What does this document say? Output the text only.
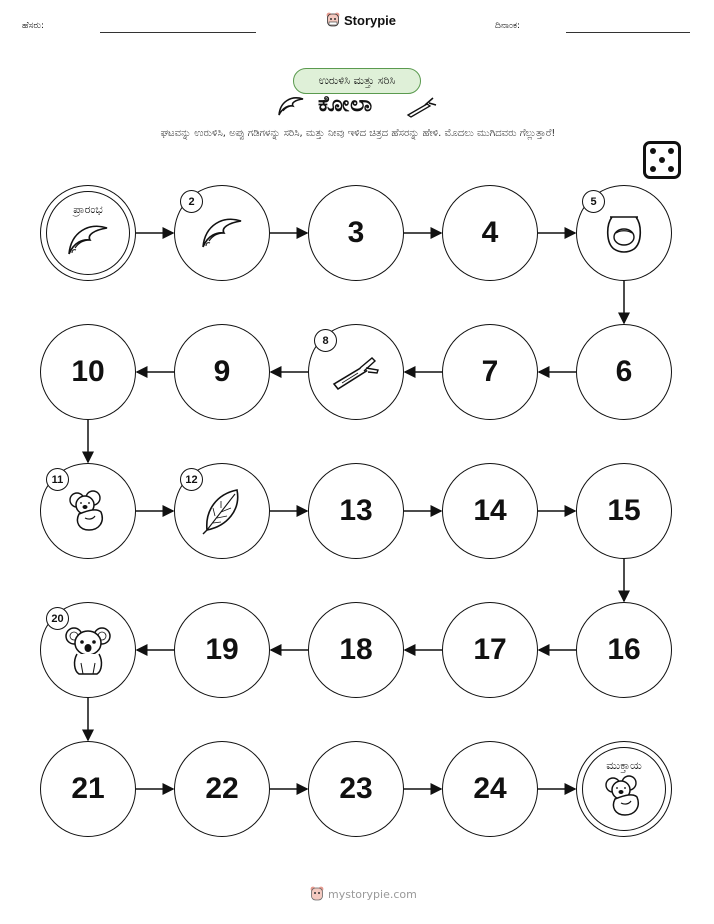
ಹೆಸರು:	Storypie	ದಿನಾಂಕ:
ಉರುಳಿಸಿ ಮತ್ತು ಸರಿಸಿ
ಕೋಲಾ
ಘಟವನ್ನು ಉರುಳಿಸಿ, ಅಪ್ಪು ಗಡಿಗಳನ್ನು ಸರಿಸಿ, ಮತ್ತು ನೀವು ಇಳಿದ ಚಿತ್ರದ ಹೆಸರನ್ನು ಹೇಳಿ. ಮೊದಲು ಮುಗಿದವರು ಗೆಲ್ಲುತ್ತಾರೆ!
ಪ್ರಾರಂಭ
2
3	4
5
6
7
8
9
10
11	12
13	14	15
16
17
18
19
20
21	22	23	24
ಮುಕ್ತಾಯ
mystorypie.com
